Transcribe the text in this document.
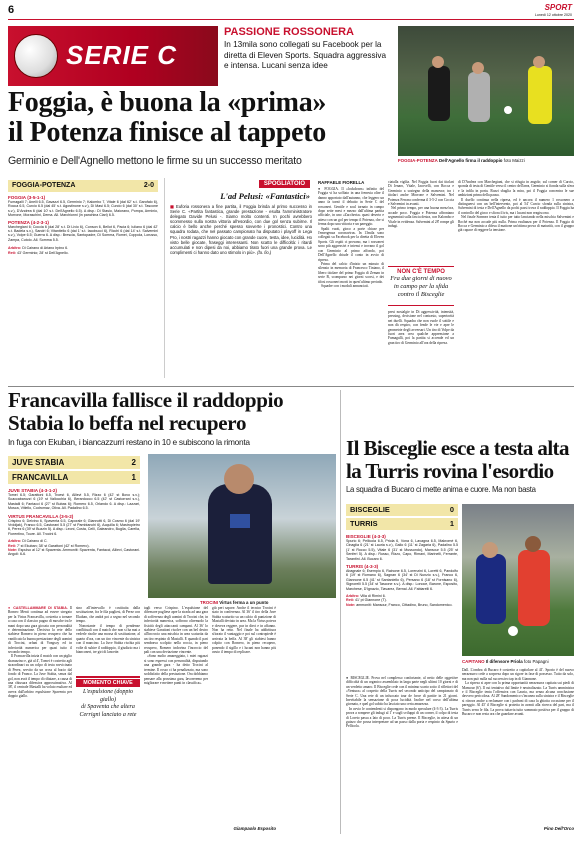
6	SPORT
Lunedì 12 ottobre 2020
SERIE C
PASSIONE ROSSONERA
In 13mila sono collegati su Facebook per la diretta di Eleven Sports. Squadra aggressiva e intensa. Lucani senza idee
FOGGIA-POTENZA Dell'Agnello firma il raddoppio foto Maizzi
Foggia, è buona la «prima»
il Potenza finisce al tappeto
Germinio e Dell'Agnello mettono le firme su un successo meritato
FOGGIA-POTENZA	2-0
FOGGIA (3-5-1-1)
Fumagalli 7; Anelli 6.5, Gavazzi 6.5, Germinio 7; Kalombo 7, Vitale 6 (dal 62' s.t. Garofalo 6), Rocca 6.5, Curcio 6.5 (dal 45' s.t. Agostinone s.v.), Di Masi 6.5; Curcio 6 (dal 30' s.t. Tascone s.v.), D'Andrea 6 (dal 10' s.t. Dell'Agnello 6.5). A disp.: Di Stasio, Maiorano, Pompa, Arminio, Morrone, Moraschini, Dema. All. Marchionni (in panchina Ciari) 6.5.
POTENZA (4-2-3-1)
Marchegiani 6; Coccia 6 (dal 28' s.t. Di Livio 6), Conson 6, Bellot 6, Pacia 6; Iuliano 6 (dal 42' s.t. Badela s.v.), Sandri 6; Vitantiello 6 (dal 1' s.t. Iacobucci 6), Ricchi 6 (dal 14' s.t. Salvemini s.v.), Volpe 6.5; Guerra 6. A disp.: Brescia, Santopadre, Di Somma, Romei, Coppola, Lorusso, Zampa, Cutolo. All. Somma 5.5.
Arbitro: Di Cairano di Ariano Irpino 6.
Reti: 43' Germinio; 28' st Dell'Agnello.
SPOGLIATOIO
L'ad Pelusi: «Fantastici»
■ Euforia rossonera a fine partita, il Foggia brinda al primo successo in Serie C. «Partita fantastica, grande prestazione - esulta l'amministratore delegato Davide Pelusi -. Siamo molto contenti. In pochi avrebbero scommesso sulla nostra vittoria all'esordio, con due gol senza subirne. Il calcio è bello anche perché spesso sovverte i pronostici. Contro una squadra rodata, che nel passato campionato ha disputato i playoff in Lega Pro, i nostri ragazzi hanno giocato con grande cuore, testa, idee, lucidità. Ho visto belle giocate, fraseggi interessanti. Non scatto le difficoltà: i ritardi accumulati e non dipesi da noi, abbiamo tirato fuori una grande prova. Le complimenti ci hanno dato uno stimolo in più». (fa. fio.)
RAFFAELE FIORELLA

● FOGGIA. Il «lockdown» infinito del Foggia vi ha soffiato in una frenesia oltre il danno apportato dall'autunno, che leggero un anno fa tornò il debutto in Serie C del rossoneri. Gentile e soul tornato in campo dopo sette mesi e mezzo dall'ultima partita ufficiale, in uno «Zaccheria» quasi deserto e atteso con un gol per tempo il Potenza, che si ferma dopo una vittoria e un pareggio.

Spalti vuoti, gioco a porte chiuse per l'emergenza coronavirus. In 13mila sono collegati su Facebook per la diretta di Eleven Sports. Gli ospiti ci provano, ma i rossoneri sono più aggressivi e intensi e trovano il gol con Germinio al primo affondo, poi Dell'Agnello chiude il conto in avvio di ripresa.

Prima del calcio d'inizio un minuto di silenzio in memoria di Francesco Tiniano, il libero titolare del primo Foggia di Zeman in serie B, scomparso nei giorni scorsi, e dei tifosi rossoneri morti in quest'ultimo periodo.

Squadre con i moduli annunciati.

ciatalla vigilia. Nel Foggia fuori dai titolari Di Jenaro, Vitale, Iacovelli, con Rocca e Germinio a sostegno della manovra; tra i titolari anche Morrone e Salvemini. Nel Potenza Ferrara conferma il 3-5-2 con Coccia e Salvemini in avanti.

Nel primo tempo, per una buona mezz'ora, accade poco. Foggia e Potenza affrontano segmentati sulla fascia destra, con Kalombo e Vitale in evidenza. Salvemini al 28' rompe gli indugi.

NON C'È TEMPO
Fra due giorni di nuovo in campo per la sfida contro il Bisceglie
presi nostalgie in Di aggressività, intensità, pressing, decisione nel contrasto, superiorità nei duelli. Squadra che non vuole il sottile e non dà respiro, con fende le vie e apre le geometrie degli avversari. Un tiro di Volpe da fuori area crea qualche apprensione a Fumagalli, poi la partita si accende ed un gran tiro di Germinio all'ora della ripresa.

di D'Andrea con Marchegiani, che si rifugia in angolo; sul corner di Curcio, sponda di testa di Gentile verso il centro dell'area, Germinio si fionda sulla sfera e la infila in porta. Rozzi sbaglia la mira, poi il Foggia concentra le sue ambizioni prima della pausa.

Il duello continua nella ripresa, ed è ancora il numero 1 rossonero a distinguersi con un bell'intervento, poi al 54' Curcio sfonda sulla sinistra, Salvemini di testa e Dell'Agnello da pochi passi trova il raddoppio. Il Foggia ha il controllo del gioco e sfiora il tris, ma i lucani non reagiscono.

Nel finale Sonmez tenta il tutto per tutto lanciando nella mischia Salvemini e Roché ma non accade più nulla. Prima esultanza per il Potenza. Il Foggia di Rocca e Germinio a difesa il mattone un'ottima prova di maturità, con il gruppo già capace di reggere la tensione.

Francavilla fallisce il raddoppio
Stabia lo beffa nel recupero
In fuga con Ekuban, i biancazzurri restano in 10 e subiscono la rimonta
JUVE STABIA	2
FRANCAVILLA	1
JUVE STABIA (4-3-1-2)
Tomei 6.5; Garattoni 6.5, Troest 6, Allievi 5.5, Rizzo 6 (42' st Bovo s.v.); Scaccabarozzi 6 (19' st Vallocchia 6), Berardocco 6.5 (42' st Castorrani s.v.), Mastalli 6; Fantacci 6 (27' st Bubas 6); Romero 6.5, Orlando 6. A disp.: Lazzari, Mosca, Vitiello, Codromaz, Oliva. All. Padalino 6.5.
VIRTUS FRANCAVILLA (3-5-2)
Crispino 6; Delvino 6, Spaventa 6.5, Caporale 6; Giannotti 6, Di Cosmo 6 (dal 19' Vrdoljak), Franco 6.5, Castorani 5.5 (27' st Pambianchi 6), Acquilla 6; Mastropietro 6, Perez 6 (39' st Buzzin 5). A disp.: Leoni, Costa, Celli, Galeandro, Buglia, Carella, Fiorentino, Toure. All. Trocini 6.
Arbitro: Di Cairano di C.
Reti: 7' st Ekuban; 38' st Garattoni (42' st Romero).
Note: Espulso al 12' st Spaventa. Ammoniti: Spaventa, Fantacci, Allievi, Castorani. Angoli: 6-6.
TROCINI Virtus ferma a un punto

● CASTELLAMMARE DI STABIA. Il Romeo Menti continua ad essere stregato per la Virtus Francavilla, costretta a tornare a casa con il classico pugno di mosche tra le mani dopo una gara giocata con personalità e determinazione. Decisiva la rete dello stabiese Romero in pieno recupero che ha vanificato la buona prestazione degli uomini di Trocini, orfani di Vongsoy ed in inferiorità numerica per quasi tutto il secondo tempo.

Il Francavilla inizia il match con un piglio sbarazzino e, già al 4', Tomei è costretto agli straordinari su un colpo di testa ravvicinato di Perez, servito da un cross al bacio dal fondo di Franco. La Juve Stabia, senza dal gol, non avrà il tempo di rifiatare, a causa di una chiusura difensiva approssimativa. Al 38', il centrale Mastalli ha voluto esultare ed aveva dall'arbitro espulsione Spaventa per doppio giallo.

sino all'intervallo è costituita dalla sostituzione, fra le fila pugliesi, di Perez con Ekuban, che andrà poi a segno nel secondo tempo.

Nonostante il tempo di pendenze conflittuali con il match che non si ha mai a vederle risolte una mossa di sostituzione, al quarto d'ora, con un tiro vincente da sinistra con il mancino. La Juve Stabia rischia più volte di subire il raddoppio, il giudizio ma i bianconeri, tre giri di lancette.

MOMENTO CHIAVE
L'espulsione (doppio giallo)
di Spaventa che altera
Cerrigni lanciato a rete

tagli verso Crispino. L'espulsione del difensore pugliese apre la strada ad una gara di sofferenza degli uomini di Trocini che, in inferiorità numerica, soffrono oltremodo la fisicità degli attaccanti campani. Al 36' lo stabiese Garattoni risolve con un bel destro all'incrocio una mischia in area scaturita da un tiro respinto di Mastalli. E quando il pari sembrava scolpito nella roccia, in pieno recupero, Romero indovina l'incrocio del pali con una deviazione vincente.

«Sono molto amareggiato, i miei ragazzi si sono espressi con personalità, disputando una grande gara - ha detto Trocini al termine. Il rosso ci ha penalizzato, ma sono soddisfatto della prestazione. Ora dobbiamo pensare alla prossima gara, lavoreremo per migliorare e mettere punti in classifica».

giù peri sapore. Anche il tecnico Trocini è stato in conferenza. Al 36' il tiro della Juve Stabia scaturito su un calcio di punizione di Mastalli deviato in area. Ma la Virtus poteva e doveva reggere, pur in dieci e in affanno. Non ha retto. Nel finale ha addirittura sfiorato il vantaggio e poi sul contropiede è arrivata la beffa. Al 38' gli stabiesi hanno colpito con Romero, in pieno recupero, ponendo il sigillo e i lucani non hanno più avuto il tempo di replicare.

Giampaolo Esposito
Il Bisceglie esce a testa alta
la Turris rovina l'esordio
La squadra di Bucaro ci mette anima e cuore. Ma non basta
BISCEGLIE	0
TURRIS	1
BISCEGLIE (4-3-3)
Spurio 6; Pellicola 6.5, Priola 6, Vona 6, Lavagna 6.5, Makromè 6, Cinaglia 6 (21' st Lauria s.v.), Gallo 6 (11' st Zagaria 6), Padalino 5.5 (1' st Rocco 5.5), Vitale 6 (31' st Mussondo), Mansour 5.5 (25' st Senferi 5). A disp.: Russo, Rizzo, Capo, Rimani, Marinelli, Ferrante, Tarantini. All. Bucaro 6.
TURRIS (4-3-3)
Abagnale 6; Esempio 6, Rainone 6.5, Lorenzini 6, Loretti 6, Pandolfo 6 (19' st Romano 6), Sagnan 6 (34' st Di Nunzio s.v.), Franco 6, Giannone 6.5 (41' st Santaniello 6), Persano 6 (18' st Fornisano 6), Signorelli 5.5 (34' st Tascone s.v.). A disp.: Lonoce, Barone, Esposito, Marchese, D'Ignazio, Tiavarez, Bernal. All. Fabiarelli 6.
Arbitro: Villa di Rimini 6.
Reti: 41' pt Giannone (T).
Note: ammoniti: Mansour, Franco, Cittadino, Bruno, Sandomenico.
CAPITANO Il difensore Priola foto Papagni

● BISCEGLIE. Prova nel complesso confortante, al netto delle oggettive difficoltà di un organico assemblato in larga parte negli ultimi 10 giorni e di un verdetto amaro. Il Bisceglie cede con il minimo scarto sotto il riflettori del «Ventura» al cospetto della Turris nel secondo anticipo del campionato di Serie C. Una rete di un infuocato tour de force di partite in 21 giorni. Inevitabile la sensazione di poca lucidità. Inoltre nel corso dell'ultima giornata, e quel gol subito ha lasciato una certa amarezza.

In avvio le contendenti si dispongono in modo speculare (4-3-3). La Turris prova a rompere gli indugi al 1' e sugli sviluppi di un corner, il colpo di testa di Loreto passa a lato di poco. La Turris preme. Il Bisceglie, in attesa di un guizzo che possa interpretare ad un passo dalla porta e respinto da Spurio e Pellicola.

Dall. L'ombra di Bucaro è costretto a capitolare al 41'. Sporio è del nuovo nerazzurro cede a sorpresa dopo un rigore in fase di possesso. Tutto da solo, ma non può nulla sul successivo tap in di Giannone.

La ripresa si apre con la prima opportunità nerazzurra capitata sui piedi di Mansour (6'). Il cui tentativo dal limite è neutralizzato. La Turris amministra e il Bisceglie tenta l'offensiva con Lauria, ma senza alcuna conclusione davvero pericolosa. Al 28' Sandomenico s'incunea sulla sinistra e il Bisceglie si ritrova anche a reclamare con i padroni di casa la ghiotta occasione per il pareggio. Al 45' il Bisceglie si proietta in avanti alla ricerca del pari, ma il Turris serra le fila. La prova tuttavia tutto sommato positiva per il gruppo di Bucaro e non resta ora che guardare avanti.

Pino Dell'Orco
